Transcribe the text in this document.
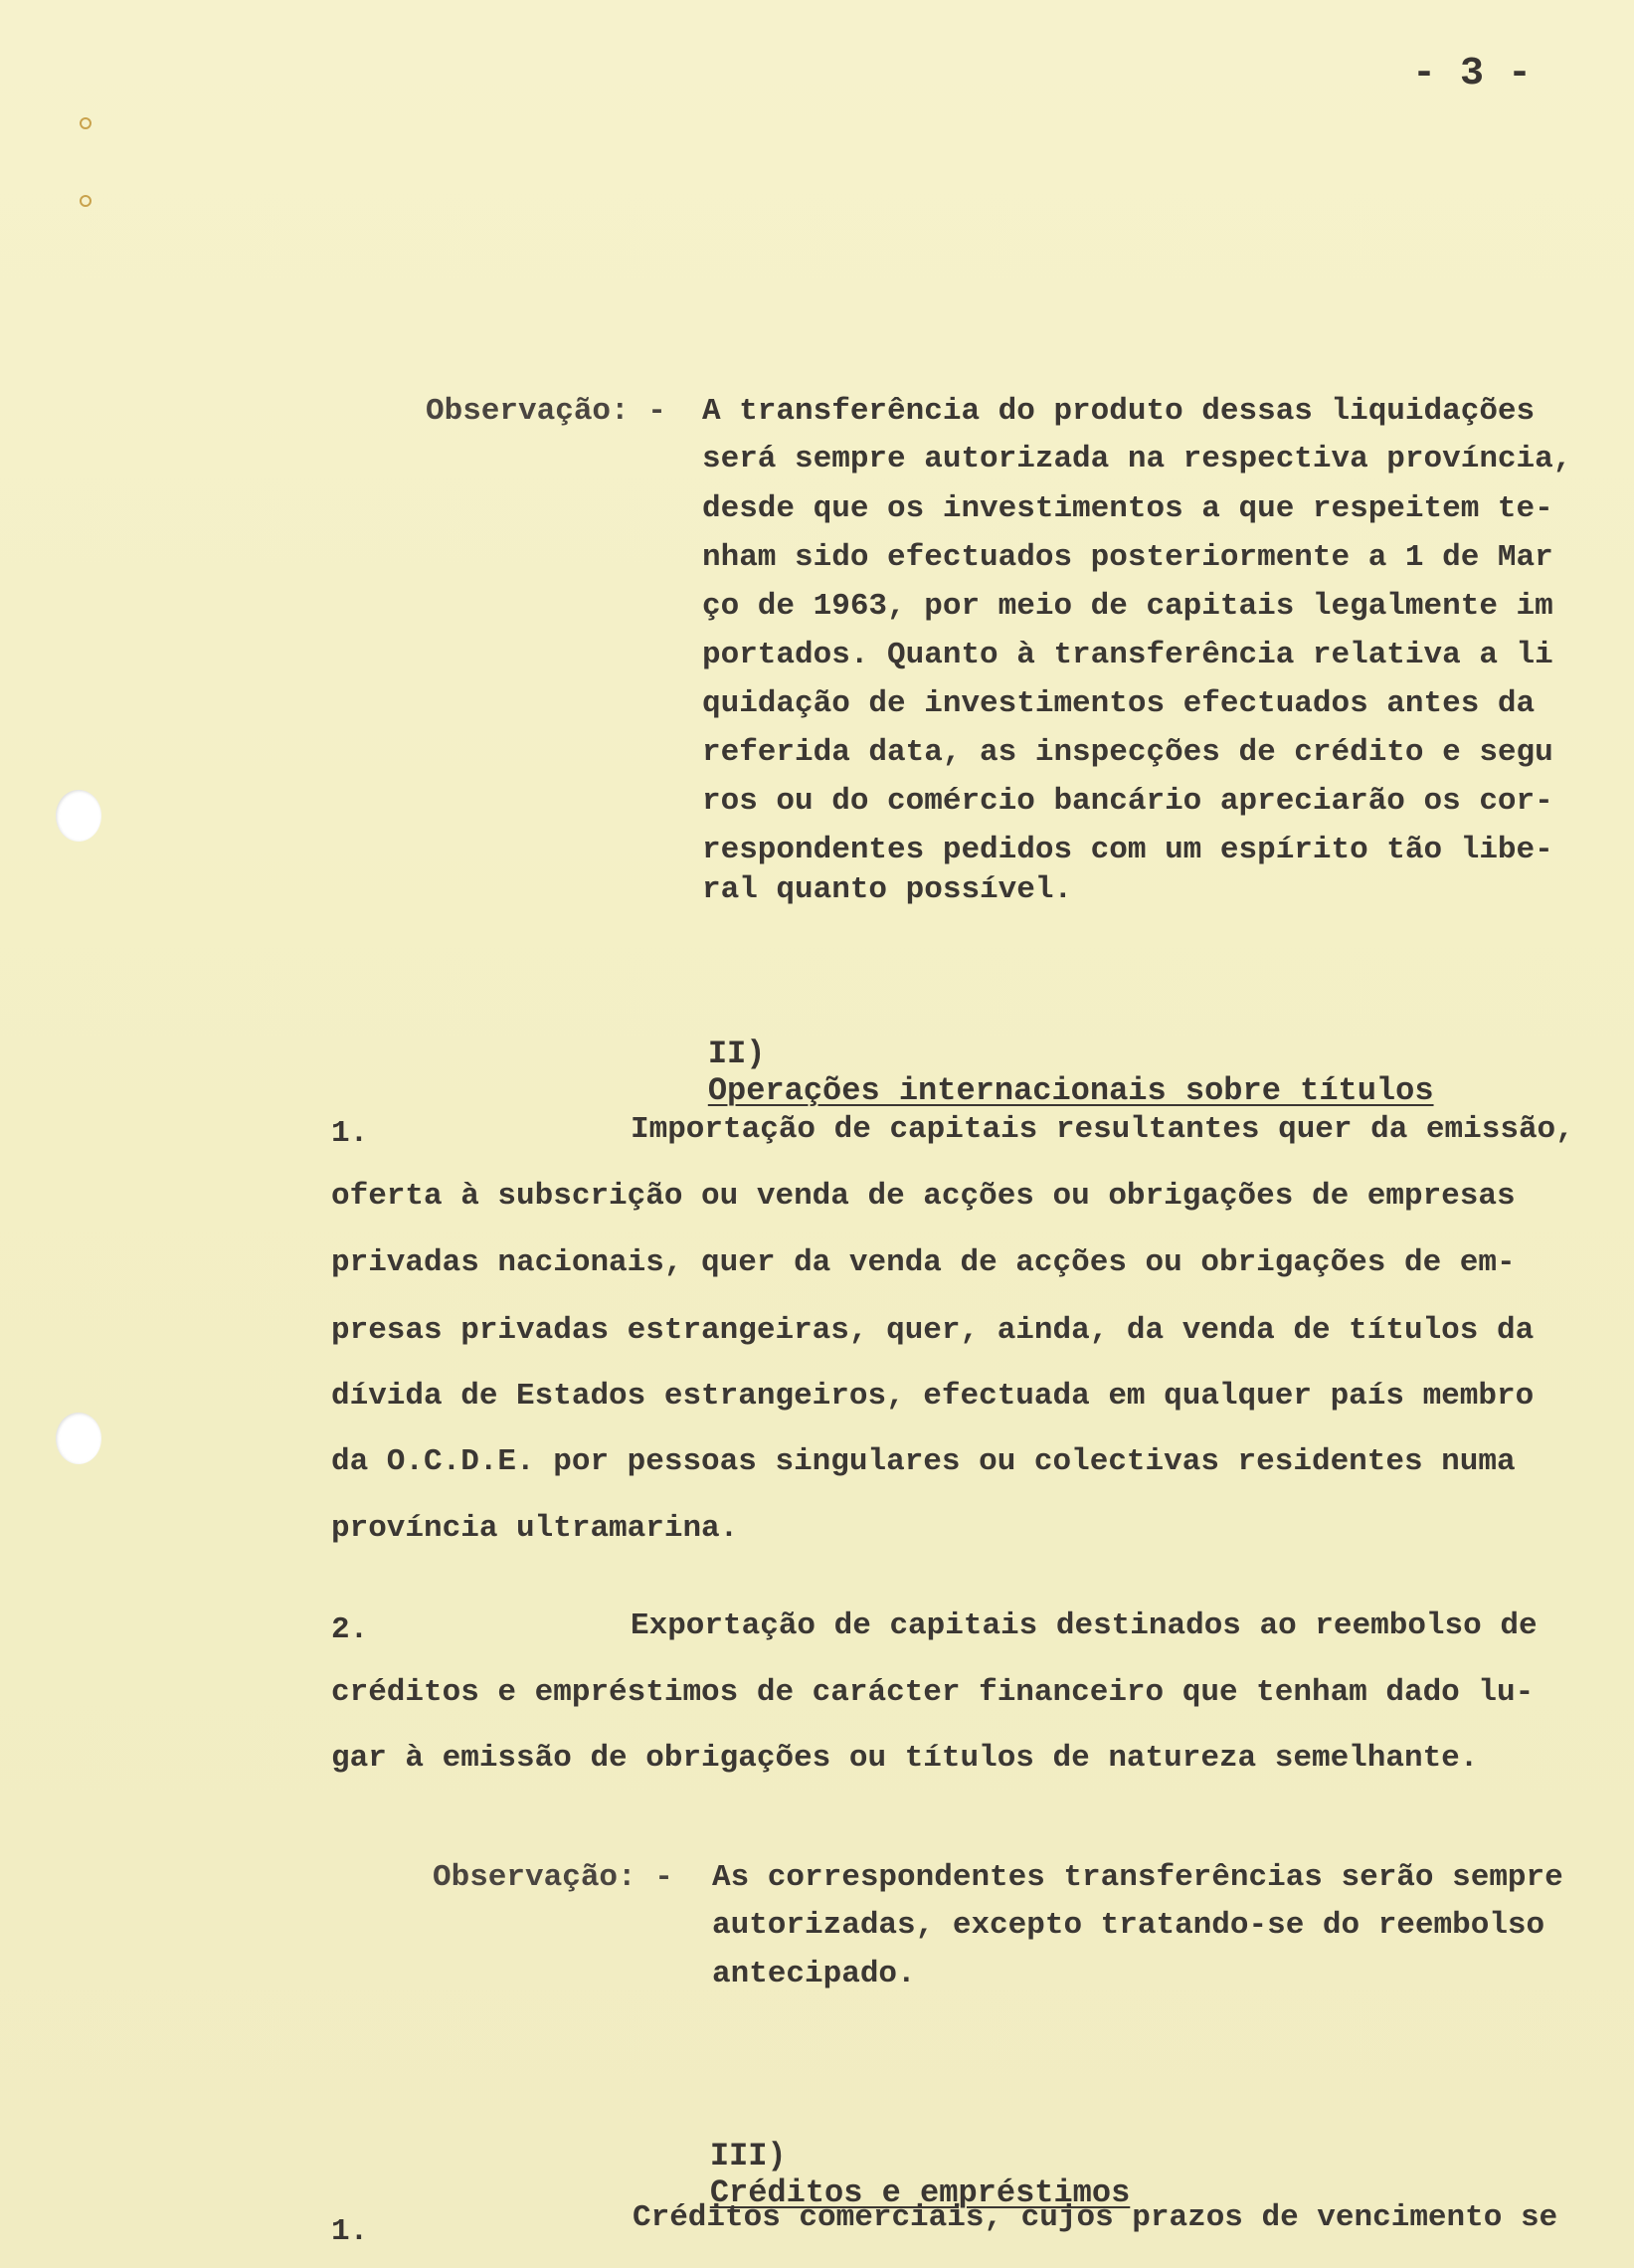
- 3 -
Observação: - A transferência do produto dessas liquidações
será sempre autorizada na respectiva província,
desde que os investimentos a que respeitem te-
nham sido efectuados posteriormente a 1 de Mar
ço de 1963, por meio de capitais legalmente im
portados. Quanto à transferência relativa a li
quidação de investimentos efectuados antes da
referida data, as inspecções de crédito e segu
ros ou do comércio bancário apreciarão os cor-
respondentes pedidos com um espírito tão libe-
ral quanto possível.

II)
Operações internacionais sobre títulos

1.	Importação de capitais resultantes quer da emissão,
oferta à subscrição ou venda de acções ou obrigações de empresas
privadas nacionais, quer da venda de acções ou obrigações de em-
presas privadas estrangeiras, quer, ainda, da venda de títulos da
dívida de Estados estrangeiros, efectuada em qualquer país membro
da O.C.D.E. por pessoas singulares ou colectivas residentes numa
província ultramarina.
2.	Exportação de capitais destinados ao reembolso de
créditos e empréstimos de carácter financeiro que tenham dado lu-
gar à emissão de obrigações ou títulos de natureza semelhante.
Observação: - As correspondentes transferências serão sempre
autorizadas, excepto tratando-se do reembolso
antecipado.

III)
Créditos e empréstimos

1.	Créditos comerciais, cujos prazos de vencimento se
